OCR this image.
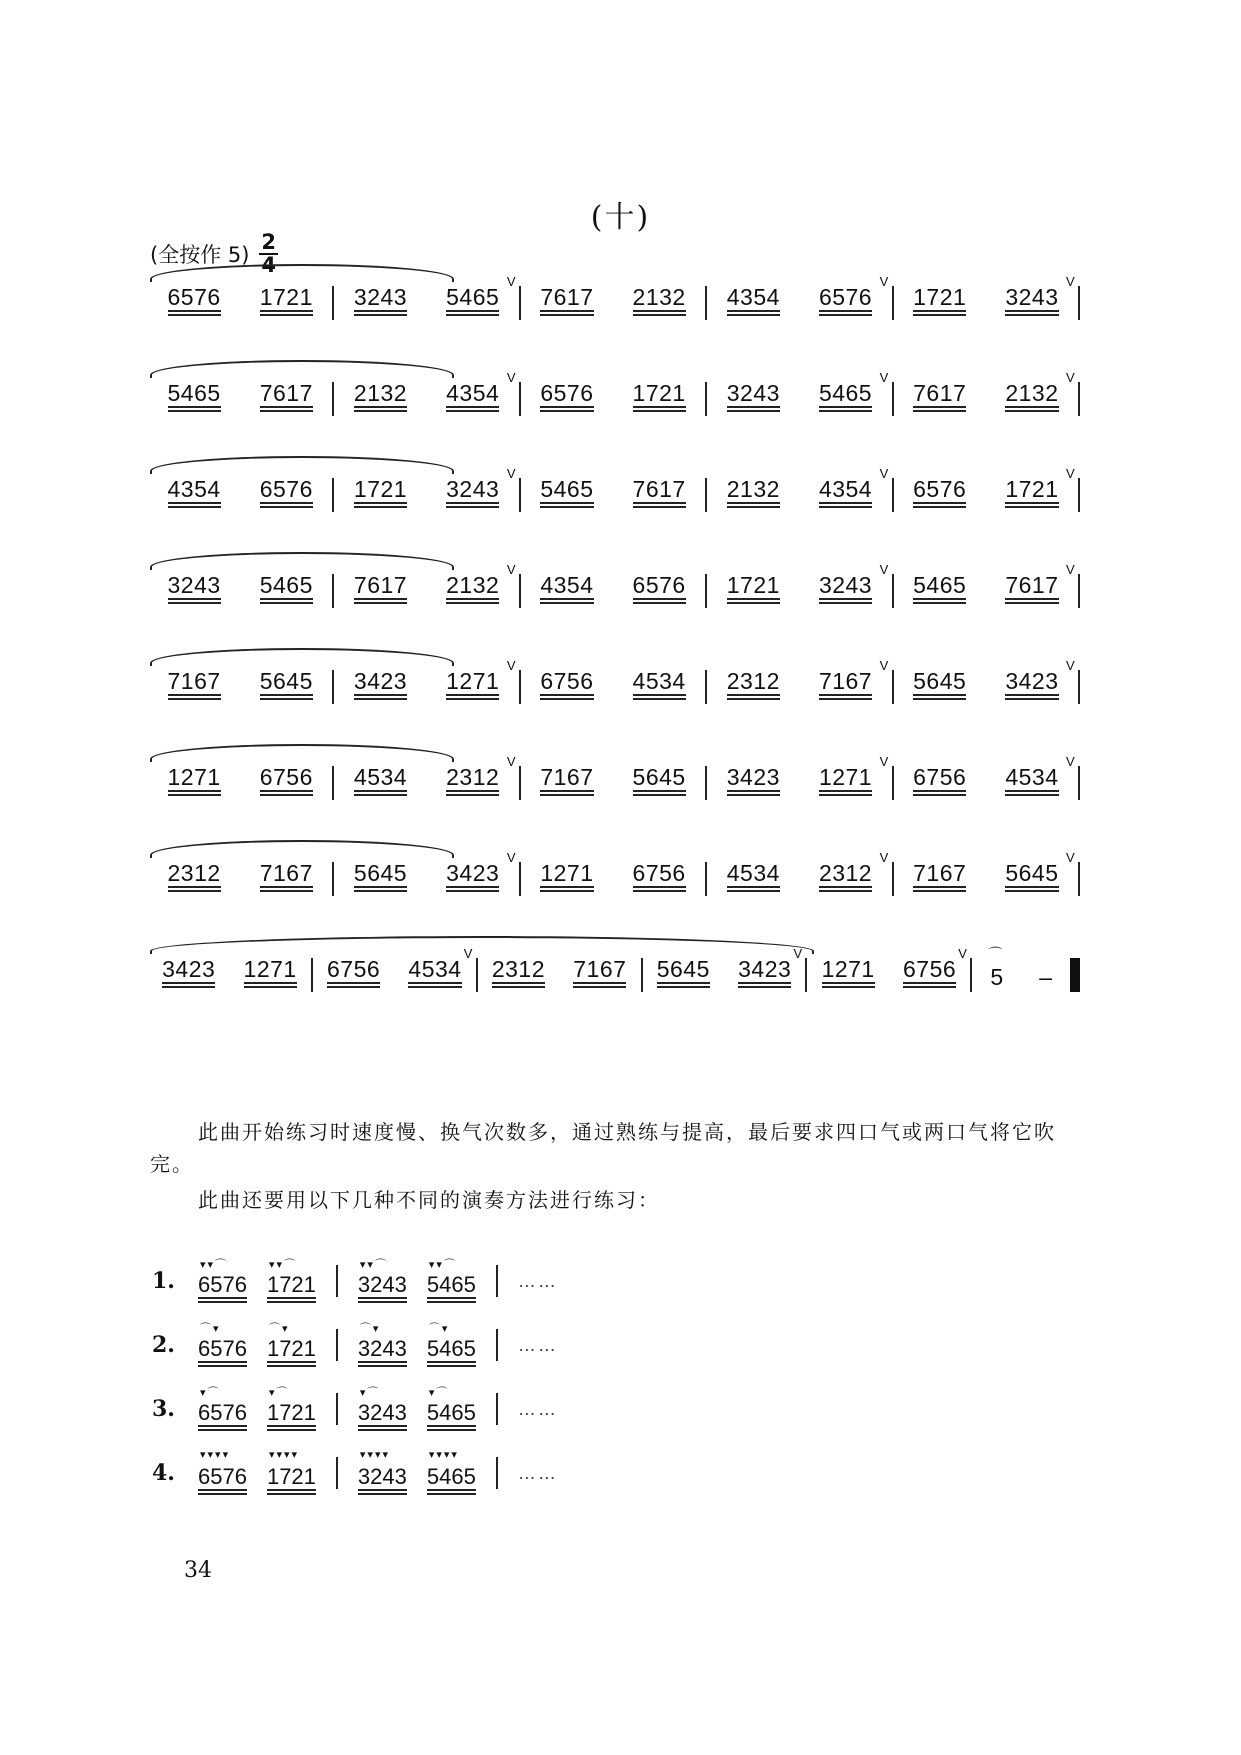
(十)
(全按作 $5) \frac{2}{4}$
6576 1721 3243 5465
V
7617 2132 4354 6576
V
1721 3243
V
5465 7617 2132 4354
V
6576 1721 3243 5465
V
7617 2132
V
4354 6576 1721 3243
V
5465 7617 2132 4354
V
6576 1721
V
3243 5465 7617 2132
V
4354 6576 1721 3243
V
5465 7617
V
7167 5645 3423 1271
V
6756 4534 2312 7167
V
5645 3423
V
1271 6756 4534 2312
V
7167 5645 3423 1271
V
6756 4534
V
2312 7167 5645 3423
V
1271 6756 4534 2312
V
7167 5645
V
3423 1271 6756 4534
V
2312 7167 5645 3423
V
1271 6756
V ⌒
5 –
此曲开始练习时速度慢、换气次数多，通过熟练与提高，最后要求四口气或两口气将它吹完。
此曲还要用以下几种不同的演奏方法进行练习：
1.
▾▾⌒
6576
▾▾⌒
1721
▾▾⌒
3243
▾▾⌒
5465 ……
2.
⌒▾
6576
⌒▾
1721
⌒▾
3243
⌒▾
5465 ……
3.
▾⌒
6576
▾⌒
1721
▾⌒
3243
▾⌒
5465 ……
4.
▾▾▾▾
6576
▾▾▾▾
1721
▾▾▾▾
3243
▾▾▾▾
5465 ……
34
